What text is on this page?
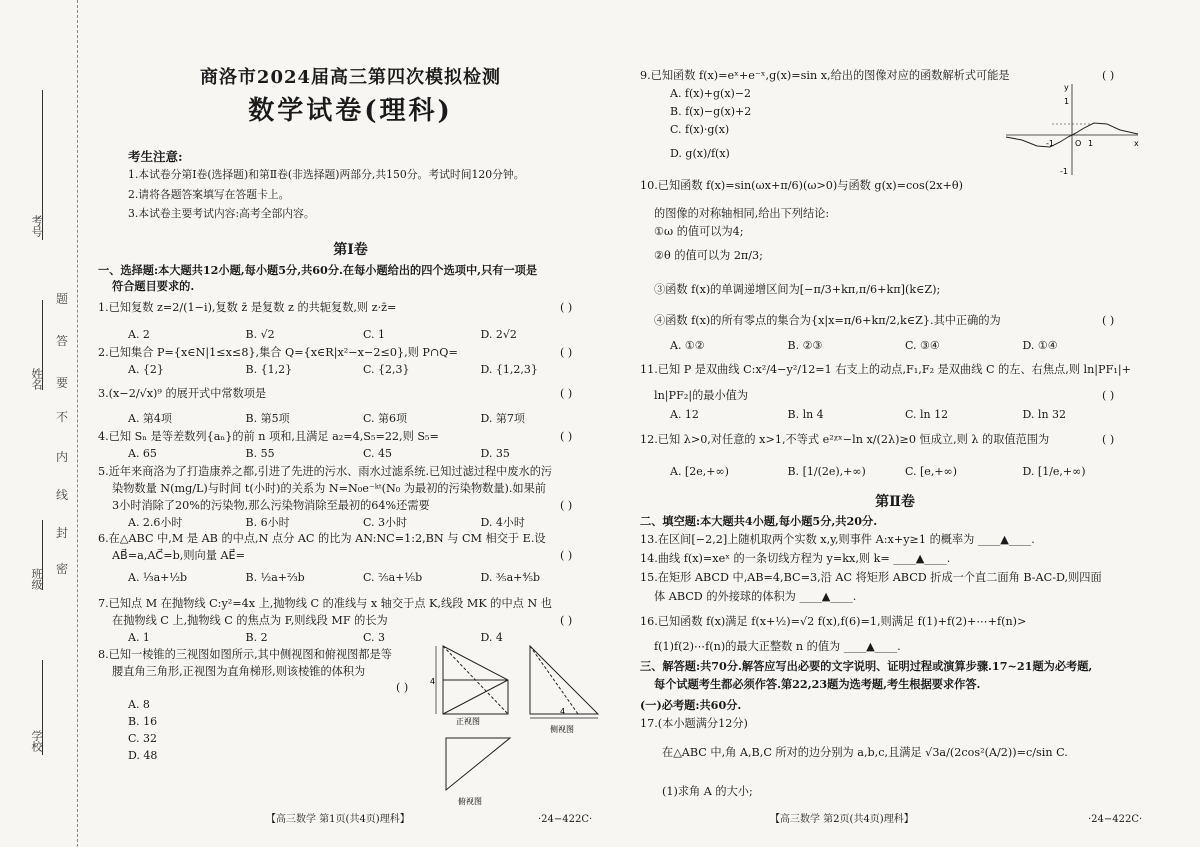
考号
姓名
班级
学校
题
答
要
不
内
线
封
密
商洛市2024届高三第四次模拟检测
数学试卷(理科)
考生注意:
1.本试卷分第Ⅰ卷(选择题)和第Ⅱ卷(非选择题)两部分,共150分。考试时间120分钟。
2.请将各题答案填写在答题卡上。
3.本试卷主要考试内容:高考全部内容。
第Ⅰ卷
一、选择题:本大题共12小题,每小题5分,共60分.在每小题给出的四个选项中,只有一项是
符合题目要求的.
1.已知复数 z=2/(1−i),复数 z̄ 是复数 z 的共轭复数,则 z·z̄=	( )
A. 2	B. √2	C. 1	D. 2√2
2.已知集合 P={x∈N|1≤x≤8},集合 Q={x∈R|x²−x−2≤0},则 P∩Q=	( )
A. {2}	B. {1,2}	C. {2,3}	D. {1,2,3}
3.(x−2/√x)⁹ 的展开式中常数项是	( )
A. 第4项	B. 第5项	C. 第6项	D. 第7项
4.已知 Sₙ 是等差数列{aₙ}的前 n 项和,且满足 a₂=4,S₅=22,则 S₅=	( )
A. 65	B. 55	C. 45	D. 35
5.近年来商洛为了打造康养之都,引进了先进的污水、雨水过滤系统.已知过滤过程中废水的污
染物数量 N(mg/L)与时间 t(小时)的关系为 N=N₀e⁻ᵏᵗ(N₀ 为最初的污染物数量).如果前
3小时消除了20%的污染物,那么污染物消除至最初的64%还需要	( )
A. 2.6小时	B. 6小时	C. 3小时	D. 4小时
6.在△ABC 中,M 是 AB 的中点,N 点分 AC 的比为 AN:NC=1:2,BN 与 CM 相交于 E.设
AB⃗=a,AC⃗=b,则向量 AE⃗=	( )
A. ⅓a+½b	B. ½a+⅔b	C. ⅖a+⅕b	D. ⅗a+⅘b
7.已知点 M 在抛物线 C:y²=4x 上,抛物线 C 的准线与 x 轴交于点 K,线段 MK 的中点 N 也
在抛物线 C 上,抛物线 C 的焦点为 F,则线段 MF 的长为	( )
A. 1	B. 2	C. 3	D. 4
8.已知一棱锥的三视图如图所示,其中侧视图和俯视图都是等
腰直角三角形,正视图为直角梯形,则该棱锥的体积为
( )
A. 8
B. 16
C. 32
D. 48
4
正视图
4
侧视图
俯视图
【高三数学 第1页(共4页)理科】	·24−422C·
9.已知函数 f(x)=eˣ+e⁻ˣ,g(x)=sin x,给出的图像对应的函数解析式可能是	( )
A. f(x)+g(x)−2
B. f(x)−g(x)+2
C. f(x)·g(x)
D. g(x)/f(x)
x
y
O
1
-1	1
-1
10.已知函数 f(x)=sin(ωx+π/6)(ω>0)与函数 g(x)=cos(2x+θ)
的图像的对称轴相同,给出下列结论:
①ω 的值可以为4;
②θ 的值可以为 2π/3;
③函数 f(x)的单调递增区间为[−π/3+kπ,π/6+kπ](k∈Z);
④函数 f(x)的所有零点的集合为{x|x=π/6+kπ/2,k∈Z}.其中正确的为	( )
A. ①②	B. ②③	C. ③④	D. ①④
11.已知 P 是双曲线 C:x²/4−y²/12=1 右支上的动点,F₁,F₂ 是双曲线 C 的左、右焦点,则 ln|PF₁|+
ln|PF₂|的最小值为	( )
A. 12	B. ln 4	C. ln 12	D. ln 32
12.已知 λ>0,对任意的 x>1,不等式 e²ᵡˣ−ln x/(2λ)≥0 恒成立,则 λ 的取值范围为	( )
A. [2e,+∞)	B. [1/(2e),+∞)	C. [e,+∞)	D. [1/e,+∞)
第Ⅱ卷
二、填空题:本大题共4小题,每小题5分,共20分.
13.在区间[−2,2]上随机取两个实数 x,y,则事件 A:x+y≥1 的概率为 ____▲____.
14.曲线 f(x)=xeˣ 的一条切线方程为 y=kx,则 k= ____▲____.
15.在矩形 ABCD 中,AB=4,BC=3,沿 AC 将矩形 ABCD 折成一个直二面角 B-AC-D,则四面
体 ABCD 的外接球的体积为 ____▲____.
16.已知函数 f(x)满足 f(x+½)=√2 f(x),f(6)=1,则满足 f(1)+f(2)+⋯+f(n)>
f(1)f(2)⋯f(n)的最大正整数 n 的值为 ____▲____.
三、解答题:共70分.解答应写出必要的文字说明、证明过程或演算步骤.17~21题为必考题,
每个试题考生都必须作答.第22,23题为选考题,考生根据要求作答.
(一)必考题:共60分.
17.(本小题满分12分)
在△ABC 中,角 A,B,C 所对的边分别为 a,b,c,且满足 √3a/(2cos²(A/2))=c/sin C.
(1)求角 A 的大小;
【高三数学 第2页(共4页)理科】	·24−422C·
